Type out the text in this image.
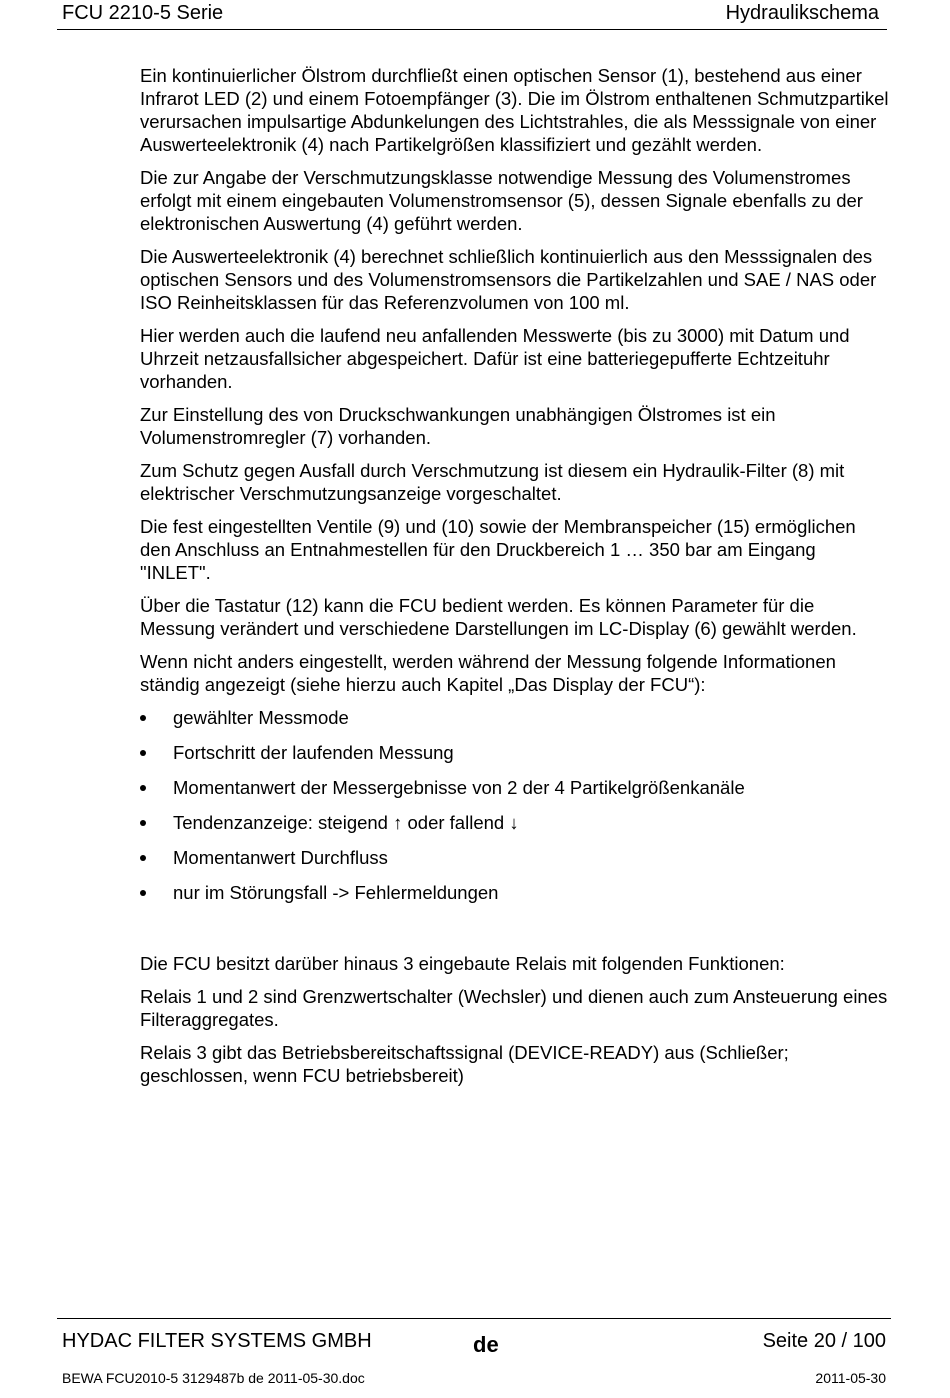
FCU 2210-5 Serie	Hydraulikschema

Ein kontinuierlicher Ölstrom durchfließt einen optischen Sensor (1), bestehend aus einer Infrarot LED (2) und einem Fotoempfänger (3). Die im Ölstrom enthaltenen Schmutzpartikel verursachen impulsartige Abdunkelungen des Lichtstrahles, die als Messsignale von einer Auswerteelektronik (4) nach Partikelgrößen klassifiziert und gezählt werden.

Die zur Angabe der Verschmutzungsklasse notwendige Messung des Volumenstromes erfolgt mit einem eingebauten Volumenstromsensor (5), dessen Signale ebenfalls zu der elektronischen Auswertung (4) geführt werden.

Die Auswerteelektronik (4) berechnet schließlich kontinuierlich aus den Messsignalen des optischen Sensors und des Volumenstromsensors die Partikelzahlen und SAE / NAS oder ISO Reinheitsklassen für das Referenzvolumen von 100 ml.

Hier werden auch die laufend neu anfallenden Messwerte (bis zu 3000) mit Datum und Uhrzeit netzausfallsicher abgespeichert. Dafür ist eine batteriegepufferte Echtzeituhr vorhanden.

Zur Einstellung des von Druckschwankungen unabhängigen Ölstromes ist ein Volumenstromregler (7) vorhanden.

Zum Schutz gegen Ausfall durch Verschmutzung ist diesem ein Hydraulik-Filter (8) mit elektrischer Verschmutzungsanzeige vorgeschaltet.

Die fest eingestellten Ventile (9) und (10) sowie der Membranspeicher (15) ermöglichen den Anschluss an Entnahmestellen für den Druckbereich 1 … 350 bar am Eingang "INLET".

Über die Tastatur (12) kann die FCU bedient werden. Es können Parameter für die Messung verändert und verschiedene Darstellungen im LC-Display (6) gewählt werden.

Wenn nicht anders eingestellt, werden während der Messung folgende Informationen ständig angezeigt (siehe hierzu auch Kapitel „Das Display der FCU“):

gewählter Messmode
Fortschritt der laufenden Messung
Momentanwert der Messergebnisse von 2 der 4 Partikelgrößenkanäle
Tendenzanzeige: steigend ↑ oder fallend ↓
Momentanwert Durchfluss
nur im Störungsfall -> Fehlermeldungen

Die FCU besitzt darüber hinaus 3 eingebaute Relais mit folgenden Funktionen:

Relais 1 und 2 sind Grenzwertschalter (Wechsler) und dienen auch zum Ansteuerung eines Filteraggregates.

Relais 3 gibt das Betriebsbereitschaftssignal (DEVICE-READY) aus (Schließer; geschlossen, wenn FCU betriebsbereit)

HYDAC FILTER SYSTEMS GMBH	de	Seite 20 / 100
BEWA FCU2010-5 3129487b de 2011-05-30.doc	2011-05-30
